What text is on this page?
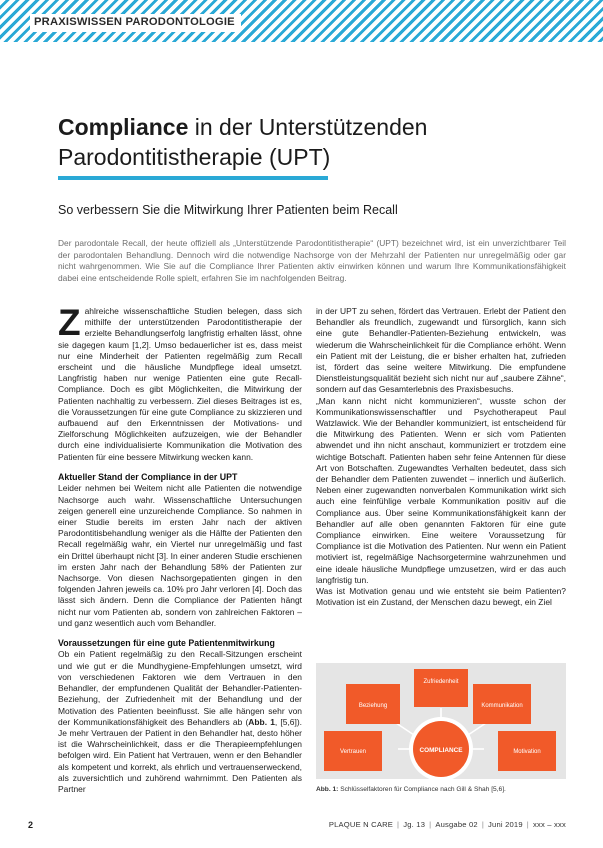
PRAXISWISSEN PARODONTOLOGIE
Compliance in der Unterstützenden Parodontitistherapie (UPT)
So verbessern Sie die Mitwirkung Ihrer Patienten beim Recall

Der parodontale Recall, der heute offiziell als „Unterstützende Parodontitistherapie“ (UPT) bezeichnet wird, ist ein unverzichtbarer Teil der parodontalen Behandlung. Dennoch wird die notwendige Nachsorge von der Mehrzahl der Patienten nur unregelmäßig oder gar nicht wahrgenommen. Wie Sie auf die Compliance Ihrer Patienten aktiv einwirken können und warum Ihre Kommunikationsfähigkeit dabei eine entscheidende Rolle spielt, erfahren Sie im nachfolgenden Beitrag.

Zahlreiche wissenschaftliche Studien belegen, dass sich mithilfe der unterstützenden Parodontitistherapie der erzielte Behandlungserfolg langfristig erhalten lässt, ohne sie dagegen kaum [1,2]. Umso bedauerlicher ist es, dass meist nur eine Minderheit der Patienten regelmäßig zum Recall erscheint und die häusliche Mundpflege ideal umsetzt. Langfristig haben nur wenige Patienten eine gute Recall-Compliance. Doch es gibt Möglichkeiten, die Mitwirkung der Patienten nachhaltig zu verbessern. Ziel dieses Beitrages ist es, die Voraussetzungen für eine gute Compliance zu skizzieren und aufbauend auf den Erkenntnissen der Motivations- und Zielforschung Möglichkeiten aufzuzeigen, wie der Behandler durch eine individualisierte Kommunikation die Motivation des Patienten für eine bessere Mitwirkung wecken kann.

Aktueller Stand der Compliance in der UPT

Leider nehmen bei Weitem nicht alle Patienten die notwendige Nachsorge auch wahr. Wissenschaftliche Untersuchungen zeigen generell eine unzureichende Compliance. So nahmen in einer Studie bereits im ersten Jahr nach der aktiven Parodontitisbehandlung weniger als die Hälfte der Patienten den Recall regelmäßig wahr, ein Viertel nur unregelmäßig und fast ein Drittel überhaupt nicht [3]. In einer anderen Studie erschienen im ersten Jahr nach der Behandlung 58% der Patienten zur Nachsorge. Von diesen Nachsorgepatienten gingen in den folgenden Jahren jeweils ca. 10% pro Jahr verloren [4]. Doch das lässt sich ändern. Denn die Compliance der Patienten hängt nicht nur vom Patienten ab, sondern von zahlreichen Faktoren – und ganz wesentlich auch vom Behandler.

Voraussetzungen für eine gute Patientenmitwirkung

Ob ein Patient regelmäßig zu den Recall-Sitzungen erscheint und wie gut er die Mundhygiene-Empfehlungen umsetzt, wird von verschiedenen Faktoren wie dem Vertrauen in den Behandler, der empfundenen Qualität der Behandler-Patienten-Beziehung, der Zufriedenheit mit der Behandlung und der Motivation des Patienten beeinflusst. Sie alle hängen sehr von der Kommunikationsfähigkeit des Behandlers ab (Abb. 1, [5,6]). Je mehr Vertrauen der Patient in den Behandler hat, desto höher ist die Wahrscheinlichkeit, dass er die Therapieempfehlungen befolgen wird. Ein Patient hat Vertrauen, wenn er den Behandler als kompetent und korrekt, als ehrlich und vertrauenserweckend, als zuversichtlich und zuhörend wahrnimmt. Den Patienten als Partner

in der UPT zu sehen, fördert das Vertrauen. Erlebt der Patient den Behandler als freundlich, zugewandt und fürsorglich, kann sich eine gute Behandler-Patienten-Beziehung entwickeln, was wiederum die Wahrscheinlichkeit für die Compliance erhöht. Wenn ein Patient mit der Leistung, die er bisher erhalten hat, zufrieden ist, fördert das seine weitere Mitwirkung. Die empfundene Dienstleistungsqualität bezieht sich nicht nur auf „saubere Zähne“, sondern auf das Gesamterlebnis des Praxisbesuchs.

„Man kann nicht nicht kommunizieren“, wusste schon der Kommunikationswissenschaftler und Psychotherapeut Paul Watzlawick. Wie der Behandler kommuniziert, ist entscheidend für die Mitwirkung des Patienten. Wenn er sich vom Patienten abwendet und ihn nicht anschaut, kommuniziert er trotzdem eine wichtige Botschaft. Patienten haben sehr feine Antennen für diese Art von Botschaften. Zugewandtes Verhalten bedeutet, dass sich der Behandler dem Patienten zuwendet – innerlich und äußerlich. Neben einer zugewandten nonverbalen Kommunikation wirkt sich auch eine feinfühlige verbale Kommunikation positiv auf die Compliance aus. Über seine Kommunikationsfähigkeit kann der Behandler auf alle oben genannten Faktoren für eine gute Compliance einwirken. Eine weitere Voraussetzung für Compliance ist die Motivation des Patienten. Nur wenn ein Patient motiviert ist, regelmäßige Nachsorgetermine wahrzunehmen und eine ideale häusliche Mundpflege umzusetzen, wird er das auch langfristig tun.

Was ist Motivation genau und wie entsteht sie beim Patienten? Motivation ist ein Zustand, der Menschen dazu bewegt, ein Ziel

COMPLIANCE
Zufriedenheit
Beziehung	Kommunikation
Vertrauen	Motivation
Abb. 1: Schlüsselfaktoren für Compliance nach Gill & Shah [5,6].
2	PLAQUE N CARE | Jg. 13 | Ausgabe 02 | Juni 2019 | xxx – xxx
